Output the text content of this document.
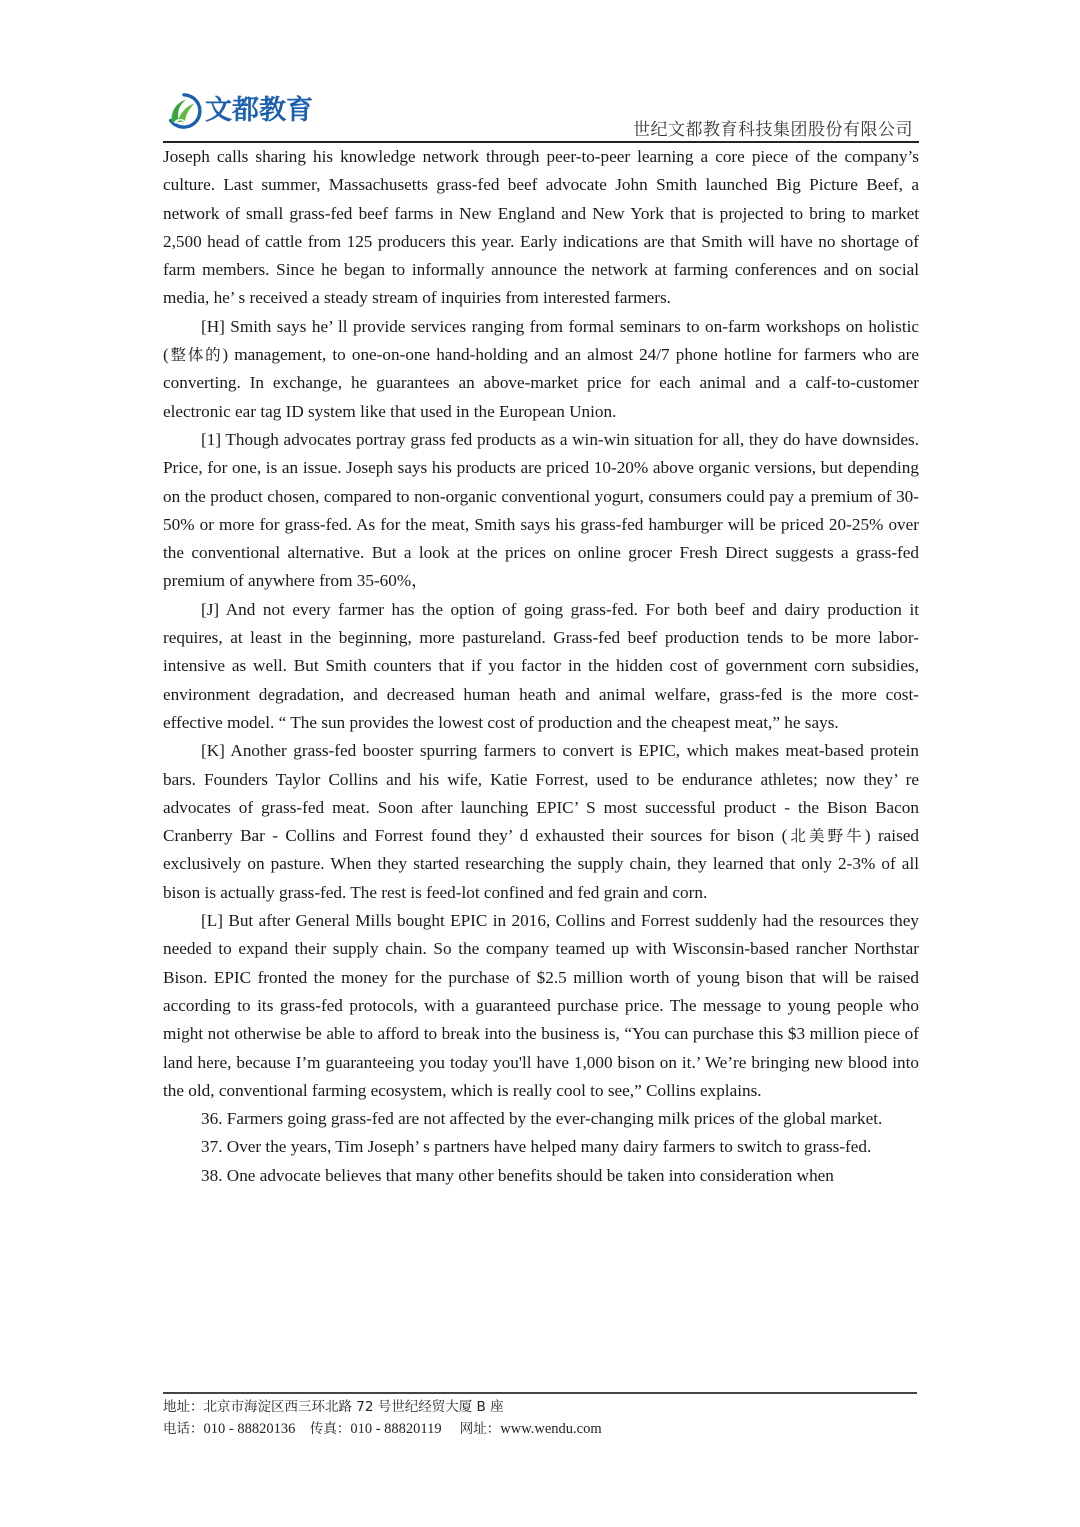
文都教育
世纪文都教育科技集团股份有限公司

Joseph calls sharing his knowledge network through peer-to-peer learning a core piece of the company’s culture. Last summer, Massachusetts grass-fed beef advocate John Smith launched Big Picture Beef, a network of small grass-fed beef farms in New England and New York that is projected to bring to market 2,500 head of cattle from 125 producers this year. Early indications are that Smith will have no shortage of farm members. Since he began to informally announce the network at farming conferences and on social media, he’ s received a steady stream of inquiries from interested farmers.

[H] Smith says he’ ll provide services ranging from formal seminars to on-farm workshops on holistic (整体的) management, to one-on-one hand-holding and an almost 24/7 phone hotline for farmers who are converting. In exchange, he guarantees an above-market price for each animal and a calf-to-customer electronic ear tag ID system like that used in the European Union.

[1] Though advocates portray grass fed products as a win-win situation for all, they do have downsides. Price, for one, is an issue. Joseph says his products are priced 10-20% above organic versions, but depending on the product chosen, compared to non-organic conventional yogurt, consumers could pay a premium of 30-50% or more for grass-fed. As for the meat, Smith says his grass-fed hamburger will be priced 20-25% over the conventional alternative. But a look at the prices on online grocer Fresh Direct suggests a grass-fed premium of anywhere from 35-60%，

[J] And not every farmer has the option of going grass-fed. For both beef and dairy production it requires, at least in the beginning, more pastureland. Grass-fed beef production tends to be more labor-intensive as well. But Smith counters that if you factor in the hidden cost of government corn subsidies, environment degradation, and decreased human heath and animal welfare, grass-fed is the more cost-effective model. “ The sun provides the lowest cost of production and the cheapest meat,” he says.

[K] Another grass-fed booster spurring farmers to convert is EPIC, which makes meat-based protein bars. Founders Taylor Collins and his wife, Katie Forrest, used to be endurance athletes; now they’ re advocates of grass-fed meat. Soon after launching EPIC’ S most successful product - the Bison Bacon Cranberry Bar - Collins and Forrest found they’ d exhausted their sources for bison (北美野牛) raised exclusively on pasture. When they started researching the supply chain, they learned that only 2-3% of all bison is actually grass-fed. The rest is feed-lot confined and fed grain and corn.

[L] But after General Mills bought EPIC in 2016, Collins and Forrest suddenly had the resources they needed to expand their supply chain. So the company teamed up with Wisconsin-based rancher Northstar Bison. EPIC fronted the money for the purchase of $2.5 million worth of young bison that will be raised according to its grass-fed protocols, with a guaranteed purchase price. The message to young people who might not otherwise be able to afford to break into the business is, “You can purchase this $3 million piece of land here, because I’m guaranteeing you today you'll have 1,000 bison on it.’ We’re bringing new blood into the old, conventional farming ecosystem, which is really cool to see,” Collins explains.

36. Farmers going grass-fed are not affected by the ever-changing milk prices of the global market.

37. Over the years, Tim Joseph’ s partners have helped many dairy farmers to switch to grass-fed.

38. One advocate believes that many other benefits should be taken into consideration when

地址：北京市海淀区西三环北路 72 号世纪经贸大厦 B 座
电话：010 - 88820136 传真：010 - 88820119 网址：www.wendu.com
